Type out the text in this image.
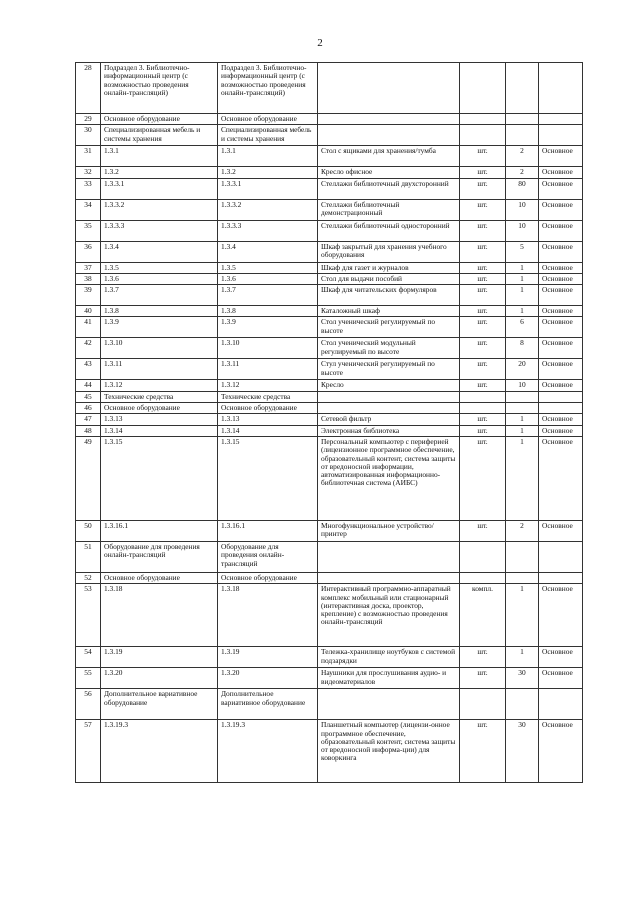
2
28	Подраздел 3. Библиотечно-информационный центр (с возможностью проведения онлайн-трансляций)	Подраздел 3. Библиотечно-информационный центр (с возможностью проведения онлайн-трансляций)				
29	Основное оборудование	Основное оборудование				
30	Специализированная мебель и системы хранения	Специализированная мебель и системы хранения				
31	1.3.1	1.3.1	Стол с ящиками для хранения/тумба	шт.	2	Основное
32	1.3.2	1.3.2	Кресло офисное	шт.	2	Основное
33	1.3.3.1	1.3.3.1	Стеллажи библиотечный двухсторонний	шт.	80	Основное
34	1.3.3.2	1.3.3.2	Стеллажи библиотечный демонстрационный	шт.	10	Основное
35	1.3.3.3	1.3.3.3	Стеллажи библиотечный односторонний	шт.	10	Основное
36	1.3.4	1.3.4	Шкаф закрытый для хранения учебного оборудования	шт.	5	Основное
37	1.3.5	1.3.5	Шкаф для газет и журналов	шт.	1	Основное
38	1.3.6	1.3.6	Стол для выдачи пособий	шт.	1	Основное
39	1.3.7	1.3.7	Шкаф для читательских формуляров	шт.	1	Основное
40	1.3.8	1.3.8	Каталожный шкаф	шт.	1	Основное
41	1.3.9	1.3.9	Стол ученический регулируемый по высоте	шт.	6	Основное
42	1.3.10	1.3.10	Стол ученический модульный регулируемый по высоте	шт.	8	Основное
43	1.3.11	1.3.11	Стул ученический регулируемый по высоте	шт.	20	Основное
44	1.3.12	1.3.12	Кресло	шт.	10	Основное
45	Технические средства	Технические средства				
46	Основное оборудование	Основное оборудование				
47	1.3.13	1.3.13	Сетевой фильтр	шт.	1	Основное
48	1.3.14	1.3.14	Электронная библиотека	шт.	1	Основное
49	1.3.15	1.3.15	Персональный компьютер с периферией (лицензионное программное обеспечение, образовательный контент, система защиты от вредоносной информации, автоматизированная информационно-библиотечная система (АИБС)	шт.	1	Основное
50	1.3.16.1	1.3.16.1	Многофункциональное устройство/принтер	шт.	2	Основное
51	Оборудование для проведения онлайн-трансляций	Оборудование для проведения онлайн-трансляций				
52	Основное оборудование	Основное оборудование				
53	1.3.18	1.3.18	Интерактивный программно-аппаратный комплекс мобильный или стационарный (интерактивная доска, проектор, крепление) с возможностью проведения онлайн-трансляций	компл.	1	Основное
54	1.3.19	1.3.19	Тележка-хранилище ноутбуков с системой подзарядки	шт.	1	Основное
55	1.3.20	1.3.20	Наушники для прослушивания аудио- и видеоматериалов	шт.	30	Основное
56	Дополнительное вариативное оборудование	Дополнительное вариативное оборудование				
57	1.3.19.3	1.3.19.3	Планшетный компьютер (лицензи-онное программное обеспечение, образовательный контент, система защиты от вредоносной информа-ции) для коворкинга	шт.	30	Основное
